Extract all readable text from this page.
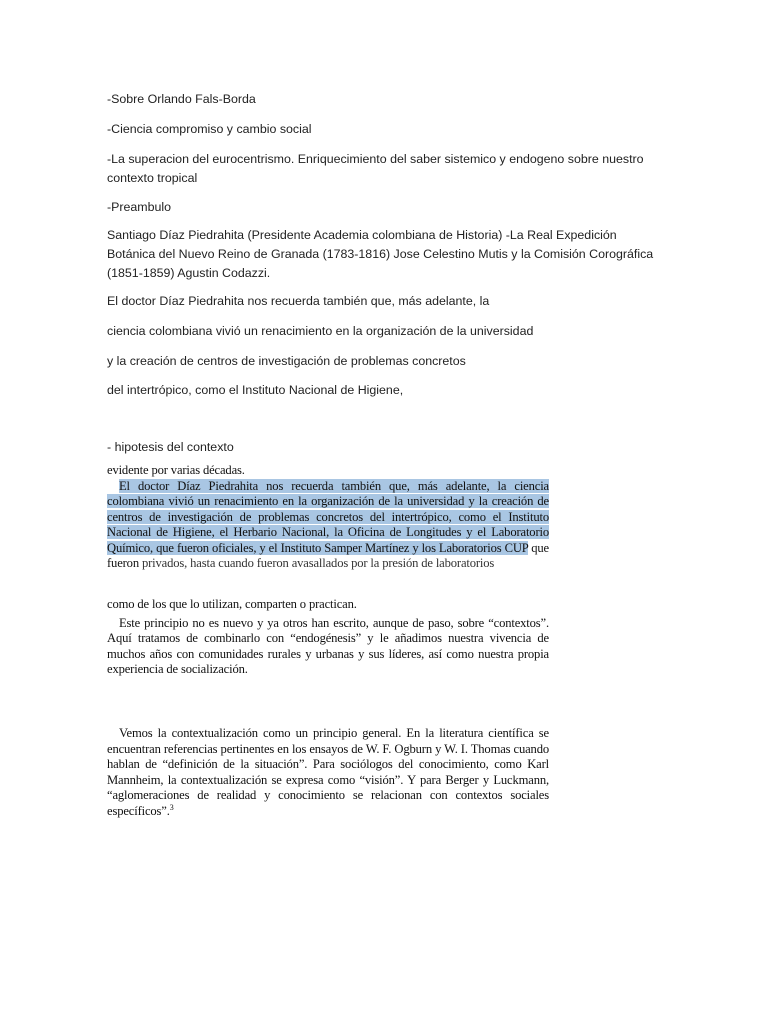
-Sobre Orlando Fals-Borda

-Ciencia compromiso y cambio social

-La superacion del eurocentrismo. Enriquecimiento del saber sistemico y endogeno sobre nuestro contexto tropical

-Preambulo

Santiago Díaz Piedrahita (Presidente Academia colombiana de Historia) -La Real Expedición Botánica del Nuevo Reino de Granada (1783-1816) Jose Celestino Mutis y la Comisión Corográfica (1851-1859) Agustin Codazzi.

El doctor Díaz Piedrahita nos recuerda también que, más adelante, la

ciencia colombiana vivió un renacimiento en la organización de la universidad

y la creación de centros de investigación de problemas concretos

del intertrópico, como el Instituto Nacional de Higiene,

- hipotesis del contexto

evidente por varias décadas.

El doctor Díaz Piedrahita nos recuerda también que, más adelante, la ciencia colombiana vivió un renacimiento en la organización de la universidad y la creación de centros de investigación de problemas concretos del intertrópico, como el Instituto Nacional de Higiene, el Herbario Nacional, la Oficina de Longitudes y el Laboratorio Químico, que fueron oficiales, y el Instituto Samper Martínez y los Laboratorios CUP que fueron privados, hasta cuando fueron avasallados por la presión de laboratorios

como de los que lo utilizan, comparten o practican.

Este principio no es nuevo y ya otros han escrito, aunque de paso, sobre “contextos”. Aquí tratamos de combinarlo con “endogénesis” y le añadimos nuestra vivencia de muchos años con comunidades rurales y urbanas y sus líderes, así como nuestra propia experiencia de socialización.

Vemos la contextualización como un principio general. En la literatura científica se encuentran referencias pertinentes en los ensayos de W. F. Ogburn y W. I. Thomas cuando hablan de “definición de la situación”. Para sociólogos del conocimiento, como Karl Mannheim, la contextualización se expresa como “visión”. Y para Berger y Luckmann, “aglomeraciones de realidad y conocimiento se relacionan con contextos sociales específicos”.$^3$
